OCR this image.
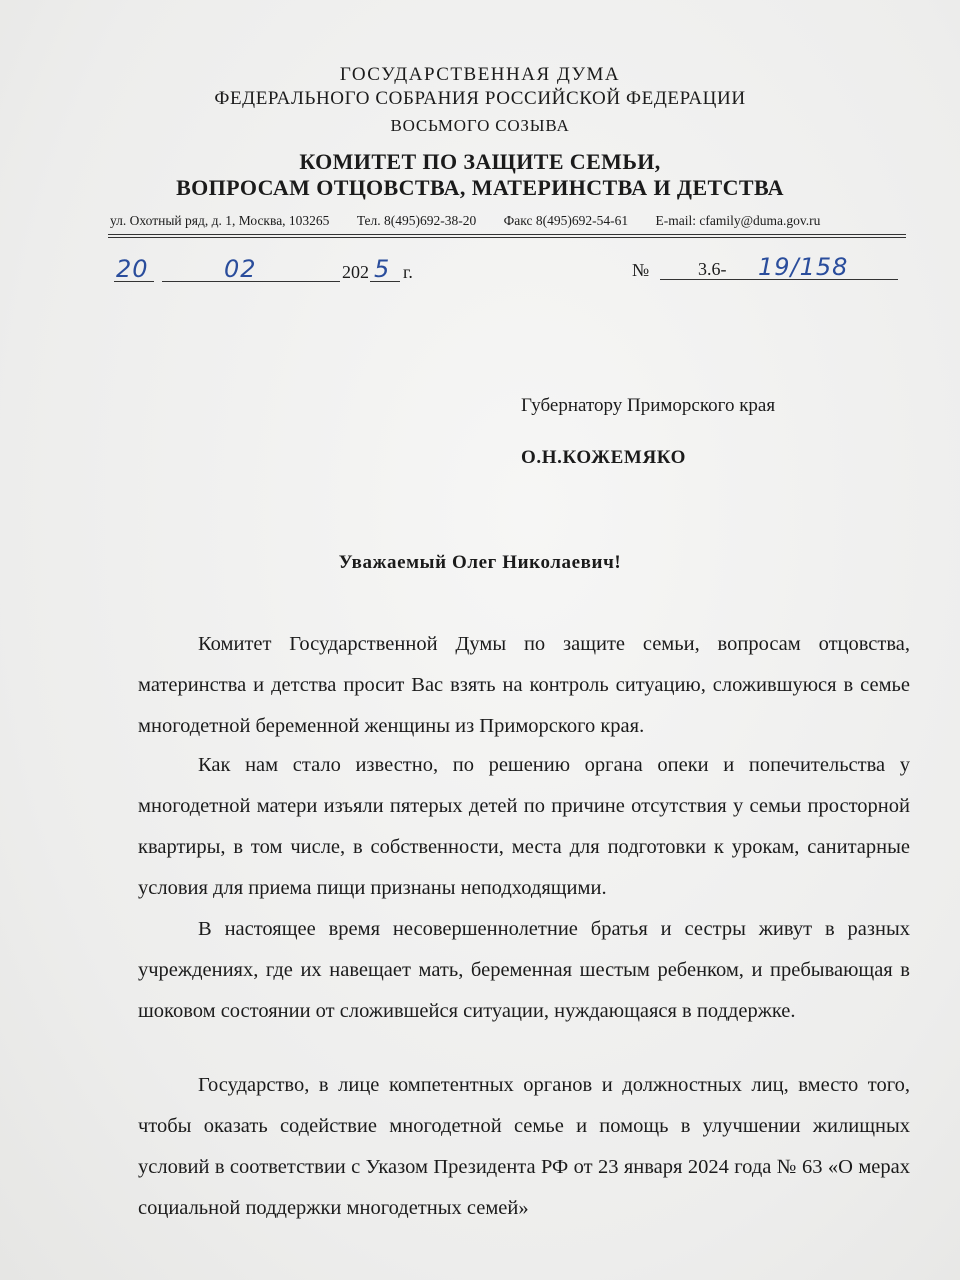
ГОСУДАРСТВЕННАЯ ДУМА
ФЕДЕРАЛЬНОГО СОБРАНИЯ РОССИЙСКОЙ ФЕДЕРАЦИИ
ВОСЬМОГО СОЗЫВА
КОМИТЕТ ПО ЗАЩИТЕ СЕМЬИ,
ВОПРОСАМ ОТЦОВСТВА, МАТЕРИНСТВА И ДЕТСТВА
ул. Охотный ряд, д. 1, Москва, 103265 Тел. 8(495)692-38-20 Факс 8(495)692-54-61 E-mail: cfamily@duma.gov.ru
20	02	202 5 г.	№	3.6- 19/158
Губернатору Приморского края
О.Н.КОЖЕМЯКО
Уважаемый Олег Николаевич!

Комитет Государственной Думы по защите семьи, вопросам отцовства, материнства и детства просит Вас взять на контроль ситуацию, сложившуюся в семье многодетной беременной женщины из Приморского края.

Как нам стало известно, по решению органа опеки и попечительства у многодетной матери изъяли пятерых детей по причине отсутствия у семьи просторной квартиры, в том числе, в собственности, места для подготовки к урокам, санитарные условия для приема пищи признаны неподходящими.

В настоящее время несовершеннолетние братья и сестры живут в разных учреждениях, где их навещает мать, беременная шестым ребенком, и пребывающая в шоковом состоянии от сложившейся ситуации, нуждающаяся в поддержке.

Государство, в лице компетентных органов и должностных лиц, вместо того, чтобы оказать содействие многодетной семье и помощь в улучшении жилищных условий в соответствии с Указом Президента РФ от 23 января 2024 года № 63 «О мерах социальной поддержки многодетных семей»
